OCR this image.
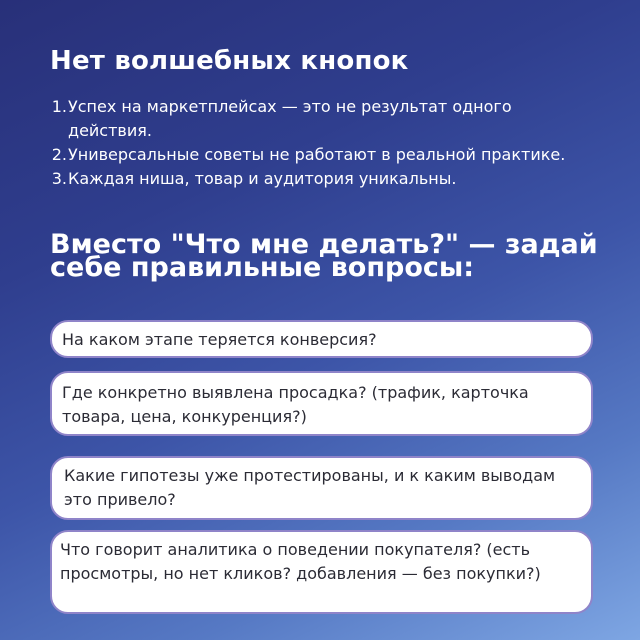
Нет волшебных кнопок
1. Успех на маркетплейсах — это не результат одного действия.
2. Универсальные советы не работают в реальной практике.
3. Каждая ниша, товар и аудитория уникальны.
Вместо "Что мне делать?" — задай себе правильные вопросы:
На каком этапе теряется конверсия?
Где конкретно выявлена просадка? (трафик, карточка товара, цена, конкуренция?)
Какие гипотезы уже протестированы, и к каким выводам это привело?
Что говорит аналитика о поведении покупателя? (есть просмотры, но нет кликов? добавления — без покупки?)
